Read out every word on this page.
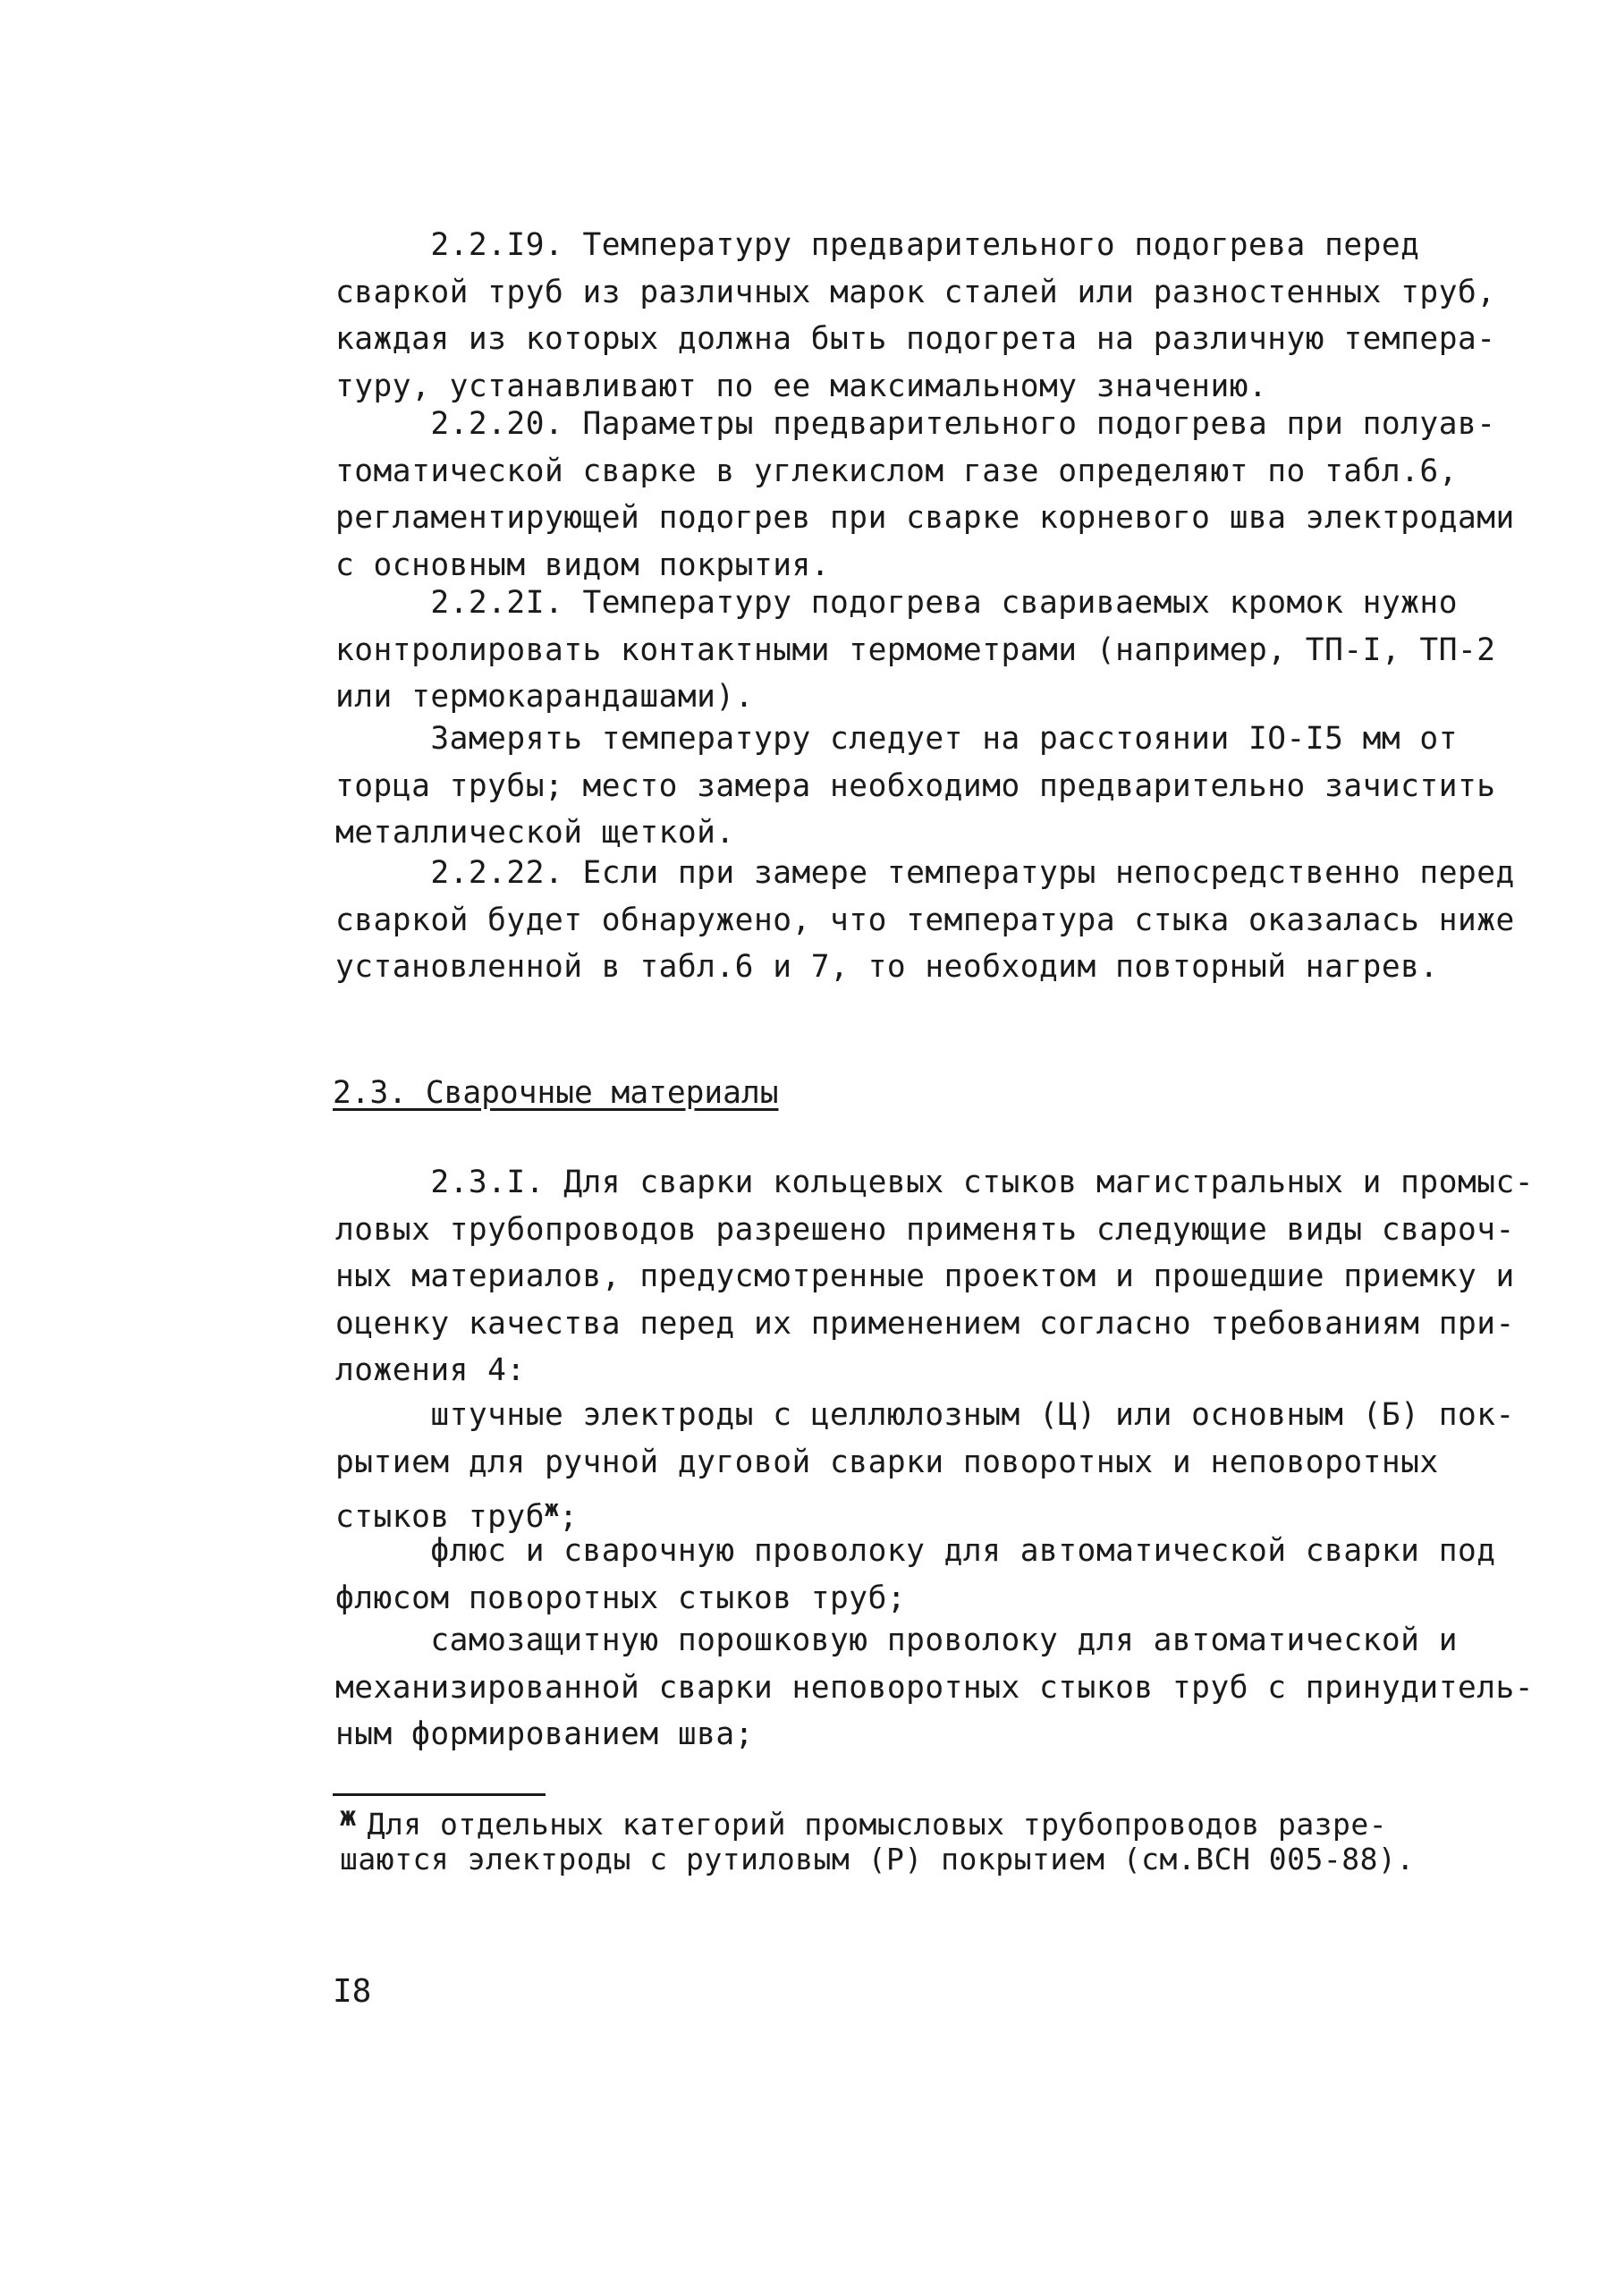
2.2.I9. Температуру предварительного подогрева перед
сваркой труб из различных марок сталей или разностенных труб,
каждая из которых должна быть подогрета на различную темпера-
туру, устанавливают по ее максимальному значению.
2.2.20. Параметры предварительного подогрева при полуав-
томатической сварке в углекислом газе определяют по табл.6,
регламентирующей подогрев при сварке корневого шва электродами
с основным видом покрытия.
2.2.2I. Температуру подогрева свариваемых кромок нужно
контролировать контактными термометрами (например, ТП-I, ТП-2
или термокарандашами).
Замерять температуру следует на расстоянии IO-I5 мм от
торца трубы; место замера необходимо предварительно зачистить
металлической щеткой.
2.2.22. Если при замере температуры непосредственно перед
сваркой будет обнаружено, что температура стыка оказалась ниже
установленной в табл.6 и 7, то необходим повторный нагрев.
2.3. Сварочные материалы
2.3.I. Для сварки кольцевых стыков магистральных и промыс-
ловых трубопроводов разрешено применять следующие виды свароч-
ных материалов, предусмотренные проектом и прошедшие приемку и
оценку качества перед их применением согласно требованиям при-
ложения 4:
штучные электроды с целлюлозным (Ц) или основным (Б) пок-
рытием для ручной дуговой сварки поворотных и неповоротных
стыков труб$^ж$;
флюс и сварочную проволоку для автоматической сварки под
флюсом поворотных стыков труб;
самозащитную порошковую проволоку для автоматической и
механизированной сварки неповоротных стыков труб с принудитель-
ным формированием шва;
ж Для отдельных категорий промысловых трубопроводов разре-
шаются электроды с рутиловым (Р) покрытием (см.ВСН 005-88).
I8
